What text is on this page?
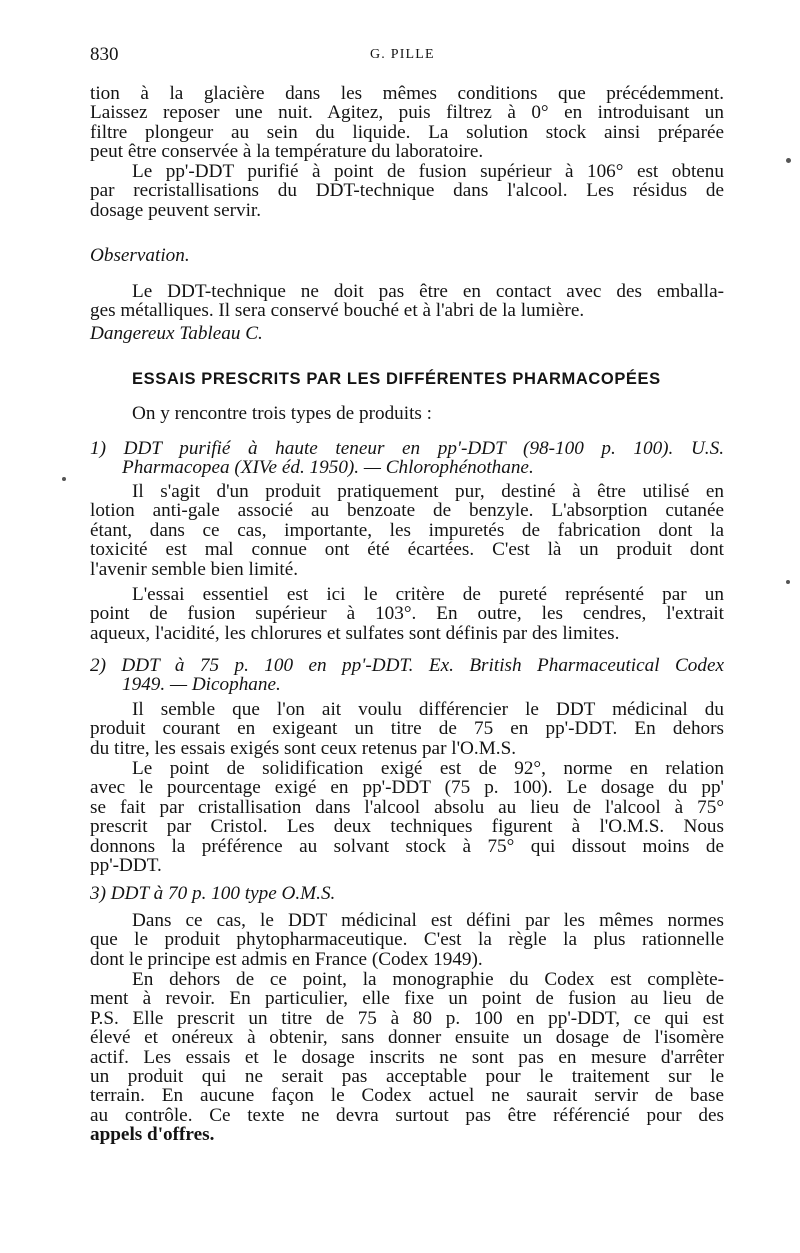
830	G. PILLE
tion à la glacière dans les mêmes conditions que précédemment.
Laissez reposer une nuit. Agitez, puis filtrez à 0° en introduisant un
filtre plongeur au sein du liquide. La solution stock ainsi préparée
peut être conservée à la température du laboratoire.
Le pp'-DDT purifié à point de fusion supérieur à 106° est obtenu
par recristallisations du DDT-technique dans l'alcool. Les résidus de
dosage peuvent servir.
Observation.
Le DDT-technique ne doit pas être en contact avec des emballa-
ges métalliques. Il sera conservé bouché et à l'abri de la lumière.
Dangereux Tableau C.
ESSAIS PRESCRITS PAR LES DIFFÉRENTES PHARMACOPÉES
On y rencontre trois types de produits :
1) DDT purifié à haute teneur en pp'-DDT (98-100 p. 100). U.S.
Pharmacopea (XIVe éd. 1950). — Chlorophénothane.
Il s'agit d'un produit pratiquement pur, destiné à être utilisé en
lotion anti-gale associé au benzoate de benzyle. L'absorption cutanée
étant, dans ce cas, importante, les impuretés de fabrication dont la
toxicité est mal connue ont été écartées. C'est là un produit dont
l'avenir semble bien limité.
L'essai essentiel est ici le critère de pureté représenté par un
point de fusion supérieur à 103°. En outre, les cendres, l'extrait
aqueux, l'acidité, les chlorures et sulfates sont définis par des limites.
2) DDT à 75 p. 100 en pp'-DDT. Ex. British Pharmaceutical Codex
1949. — Dicophane.
Il semble que l'on ait voulu différencier le DDT médicinal du
produit courant en exigeant un titre de 75 en pp'-DDT. En dehors
du titre, les essais exigés sont ceux retenus par l'O.M.S.
Le point de solidification exigé est de 92°, norme en relation
avec le pourcentage exigé en pp'-DDT (75 p. 100). Le dosage du pp'
se fait par cristallisation dans l'alcool absolu au lieu de l'alcool à 75°
prescrit par Cristol. Les deux techniques figurent à l'O.M.S. Nous
donnons la préférence au solvant stock à 75° qui dissout moins de
pp'-DDT.
3) DDT à 70 p. 100 type O.M.S.
Dans ce cas, le DDT médicinal est défini par les mêmes normes
que le produit phytopharmaceutique. C'est la règle la plus rationnelle
dont le principe est admis en France (Codex 1949).
En dehors de ce point, la monographie du Codex est complète-
ment à revoir. En particulier, elle fixe un point de fusion au lieu de
P.S. Elle prescrit un titre de 75 à 80 p. 100 en pp'-DDT, ce qui est
élevé et onéreux à obtenir, sans donner ensuite un dosage de l'isomère
actif. Les essais et le dosage inscrits ne sont pas en mesure d'arrêter
un produit qui ne serait pas acceptable pour le traitement sur le
terrain. En aucune façon le Codex actuel ne saurait servir de base
au contrôle. Ce texte ne devra surtout pas être référencié pour des
appels d'offres.
